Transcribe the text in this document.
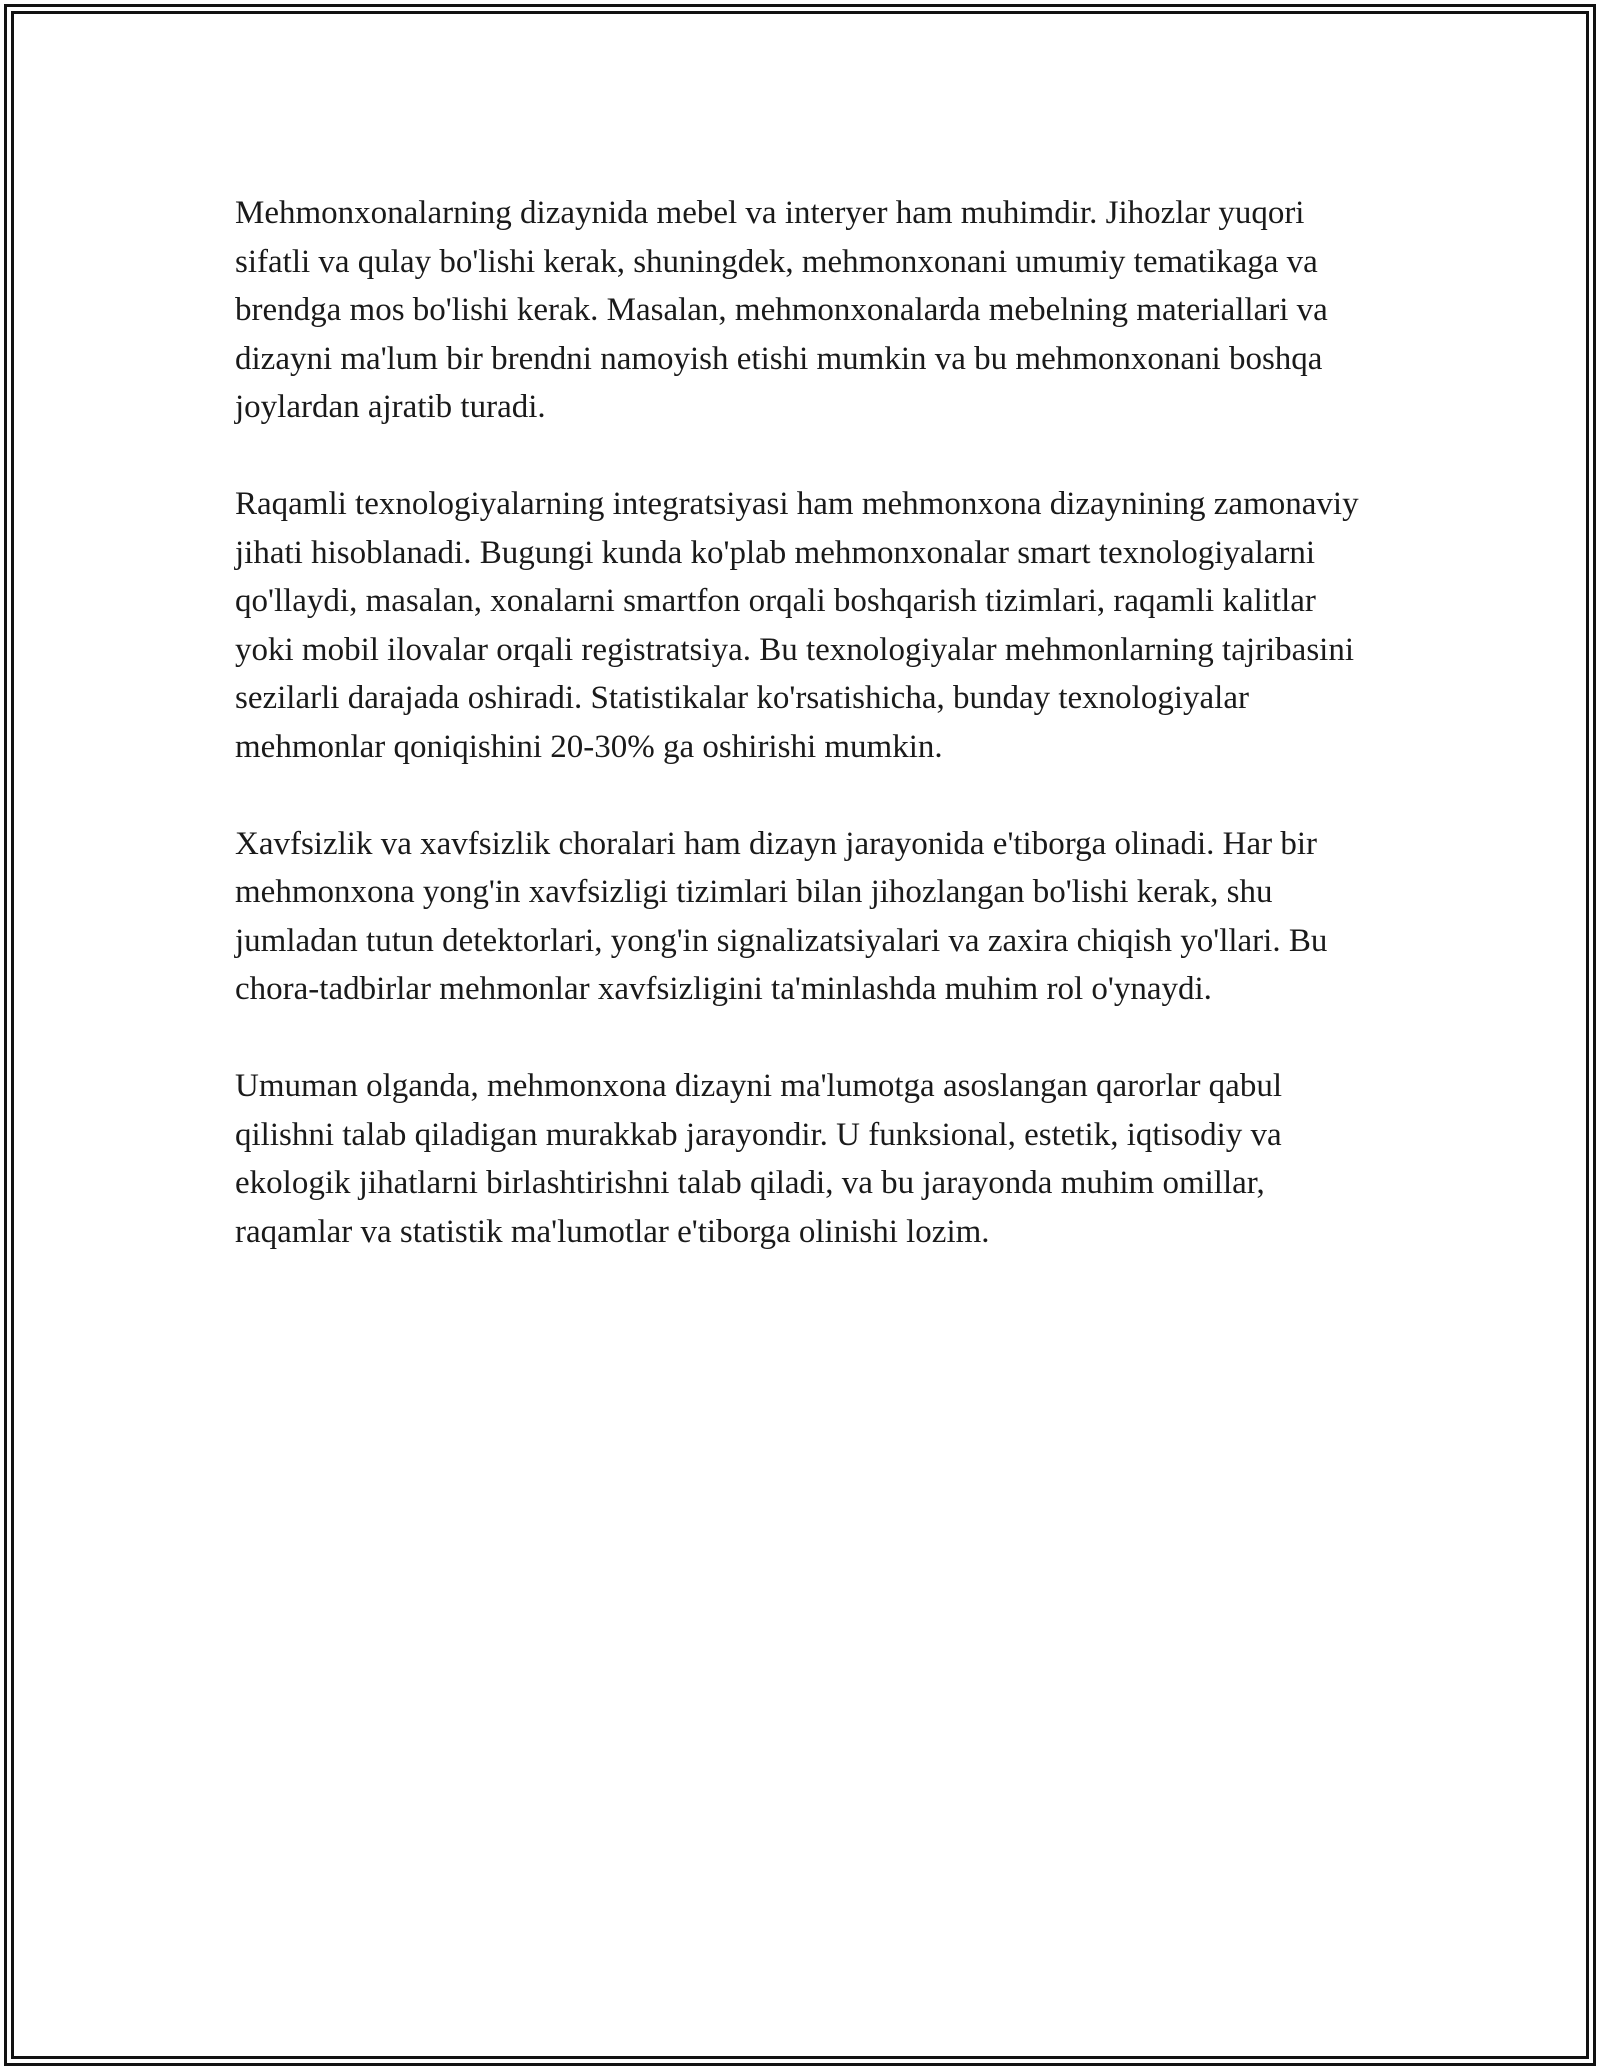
Mehmonxonalarning dizaynida mebel va interyer ham muhimdir. Jihozlar yuqori sifatli va qulay bo'lishi kerak, shuningdek, mehmonxonani umumiy tematikaga va brendga mos bo'lishi kerak. Masalan, mehmonxonalarda mebelning materiallari va dizayni ma'lum bir brendni namoyish etishi mumkin va bu mehmonxonani boshqa joylardan ajratib turadi.

Raqamli texnologiyalarning integratsiyasi ham mehmonxona dizaynining zamonaviy jihati hisoblanadi. Bugungi kunda ko'plab mehmonxonalar smart texnologiyalarni qo'llaydi, masalan, xonalarni smartfon orqali boshqarish tizimlari, raqamli kalitlar yoki mobil ilovalar orqali registratsiya. Bu texnologiyalar mehmonlarning tajribasini sezilarli darajada oshiradi. Statistikalar ko'rsatishicha, bunday texnologiyalar mehmonlar qoniqishini 20-30% ga oshirishi mumkin.

Xavfsizlik va xavfsizlik choralari ham dizayn jarayonida e'tiborga olinadi. Har bir mehmonxona yong'in xavfsizligi tizimlari bilan jihozlangan bo'lishi kerak, shu jumladan tutun detektorlari, yong'in signalizatsiyalari va zaxira chiqish yo'llari. Bu chora-tadbirlar mehmonlar xavfsizligini ta'minlashda muhim rol o'ynaydi.

Umuman olganda, mehmonxona dizayni ma'lumotga asoslangan qarorlar qabul qilishni talab qiladigan murakkab jarayondir. U funksional, estetik, iqtisodiy va ekologik jihatlarni birlashtirishni talab qiladi, va bu jarayonda muhim omillar, raqamlar va statistik ma'lumotlar e'tiborga olinishi lozim.
